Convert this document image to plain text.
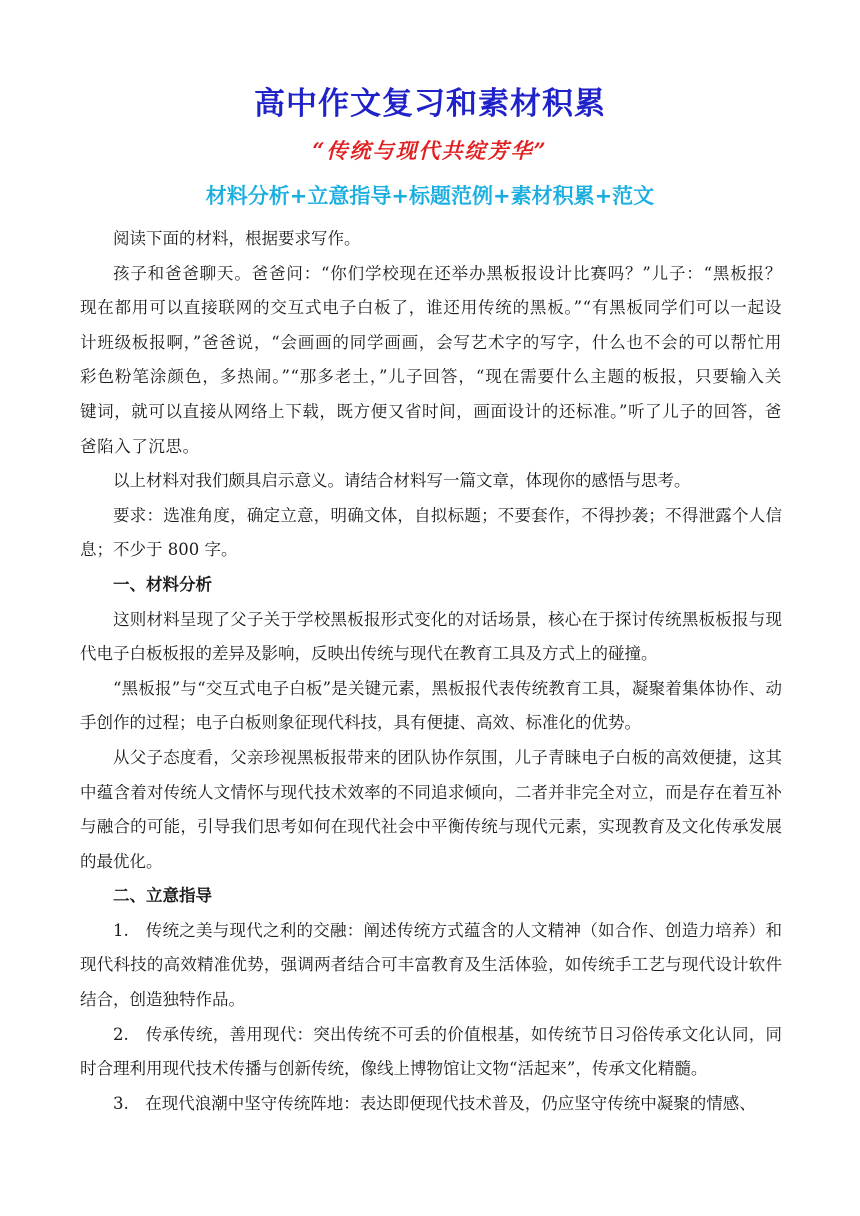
高中作文复习和素材积累
“传统与现代共绽芳华”
材料分析+立意指导+标题范例+素材积累+范文

阅读下面的材料，根据要求写作。

孩子和爸爸聊天。爸爸问：“你们学校现在还举办黑板报设计比赛吗？”儿子：“黑板报？现在都用可以直接联网的交互式电子白板了，谁还用传统的黑板。”“有黑板同学们可以一起设计班级板报啊，”爸爸说，“会画画的同学画画，会写艺术字的写字，什么也不会的可以帮忙用彩色粉笔涂颜色，多热闹。”“那多老土，”儿子回答，“现在需要什么主题的板报，只要输入关键词，就可以直接从网络上下载，既方便又省时间，画面设计的还标准。”听了儿子的回答，爸爸陷入了沉思。

以上材料对我们颇具启示意义。请结合材料写一篇文章，体现你的感悟与思考。

要求：选准角度，确定立意，明确文体，自拟标题；不要套作，不得抄袭；不得泄露个人信息；不少于 800 字。

一、材料分析

这则材料呈现了父子关于学校黑板报形式变化的对话场景，核心在于探讨传统黑板板报与现代电子白板板报的差异及影响，反映出传统与现代在教育工具及方式上的碰撞。

“黑板报”与“交互式电子白板”是关键元素，黑板报代表传统教育工具，凝聚着集体协作、动手创作的过程；电子白板则象征现代科技，具有便捷、高效、标准化的优势。

从父子态度看，父亲珍视黑板报带来的团队协作氛围，儿子青睐电子白板的高效便捷，这其中蕴含着对传统人文情怀与现代技术效率的不同追求倾向，二者并非完全对立，而是存在着互补与融合的可能，引导我们思考如何在现代社会中平衡传统与现代元素，实现教育及文化传承发展的最优化。

二、立意指导

1.　传统之美与现代之利的交融：阐述传统方式蕴含的人文精神（如合作、创造力培养）和现代科技的高效精准优势，强调两者结合可丰富教育及生活体验，如传统手工艺与现代设计软件结合，创造独特作品。

2.　传承传统，善用现代：突出传统不可丢的价值根基，如传统节日习俗传承文化认同，同时合理利用现代技术传播与创新传统，像线上博物馆让文物“活起来”，传承文化精髓。

3.　在现代浪潮中坚守传统阵地：表达即便现代技术普及，仍应坚守传统中凝聚的情感、
